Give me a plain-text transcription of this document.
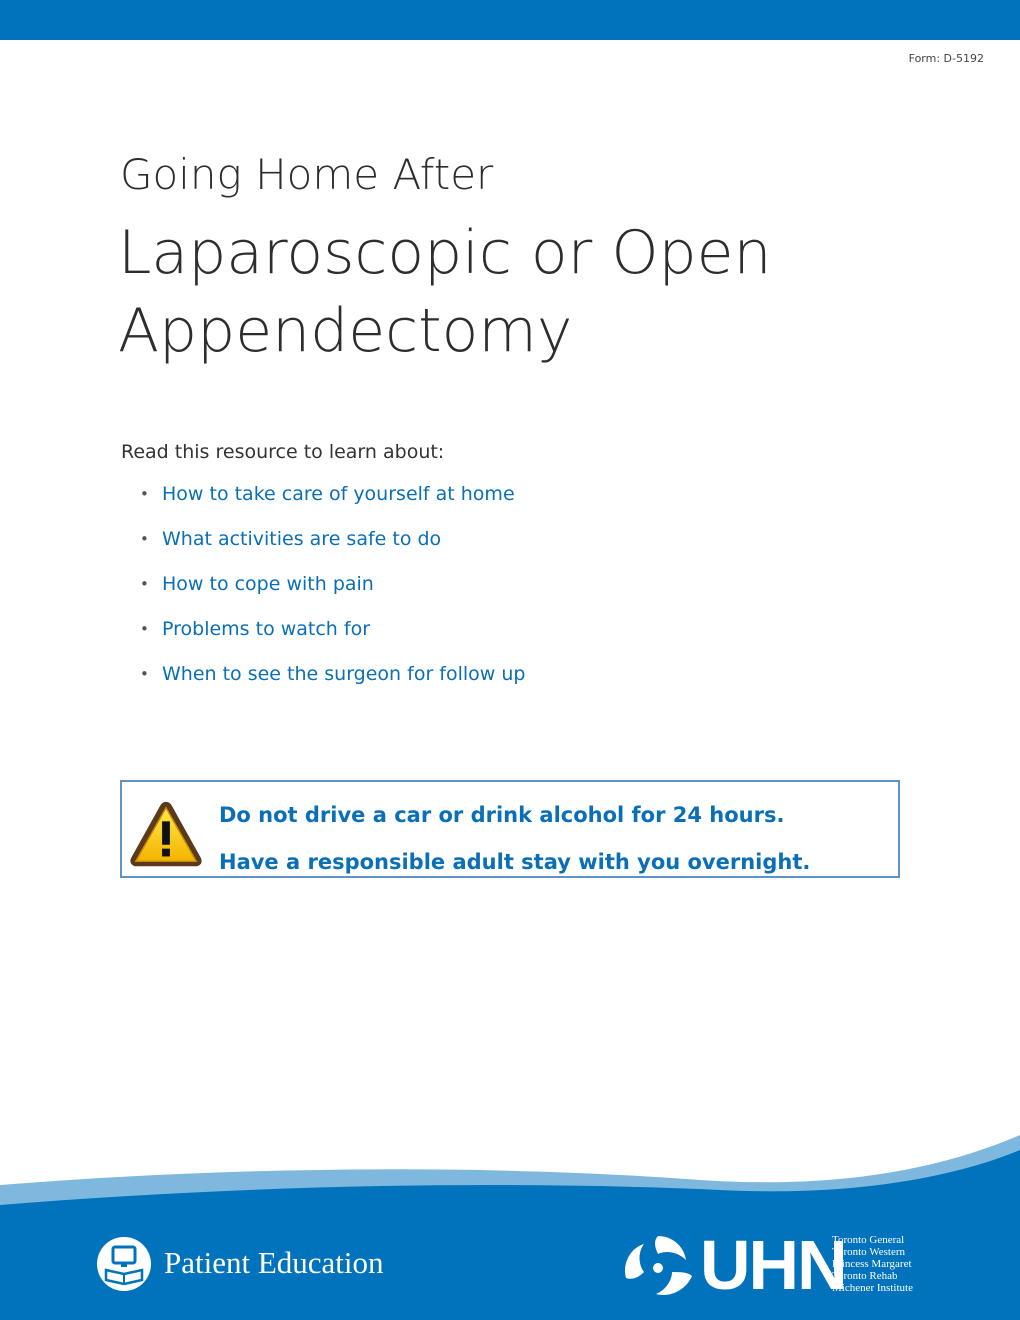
Form: D-5192
Going Home After
Laparoscopic or Open Appendectomy
Read this resource to learn about:
• How to take care of yourself at home
• What activities are safe to do
• How to cope with pain
• Problems to watch for
• When to see the surgeon for follow up
Do not drive a car or drink alcohol for 24 hours.
Have a responsible adult stay with you overnight.
Patient Education	UHN
Toronto General
Toronto Western
Princess Margaret
Toronto Rehab
Michener Institute
